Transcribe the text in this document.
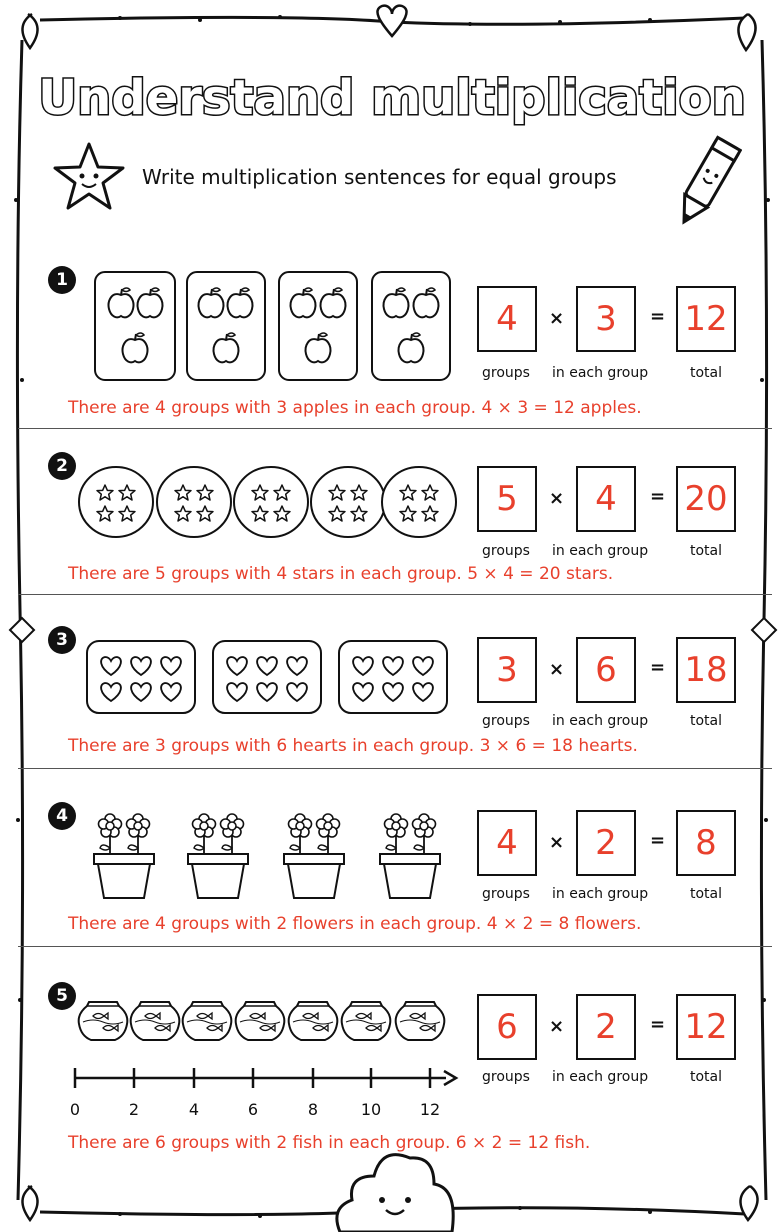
Understand multiplication
Write multiplication sentences for equal groups
1
4	× 3	= 12
groups	in each group	total
There are 4 groups with 3 apples in each group. 4 × 3 = 12 apples.
2
5	× 4	= 20
groups	in each group	total
There are 5 groups with 4 stars in each group. 5 × 4 = 20 stars.
3
3	× 6	= 18
groups	in each group	total
There are 3 groups with 6 hearts in each group. 3 × 6 = 18 hearts.
4
4	× 2	= 8
groups	in each group	total
There are 4 groups with 2 flowers in each group. 4 × 2 = 8 flowers.
5
0	2	4	6	8	10	12
6	× 2	= 12
groups	in each group	total
There are 6 groups with 2 fish in each group. 6 × 2 = 12 fish.
